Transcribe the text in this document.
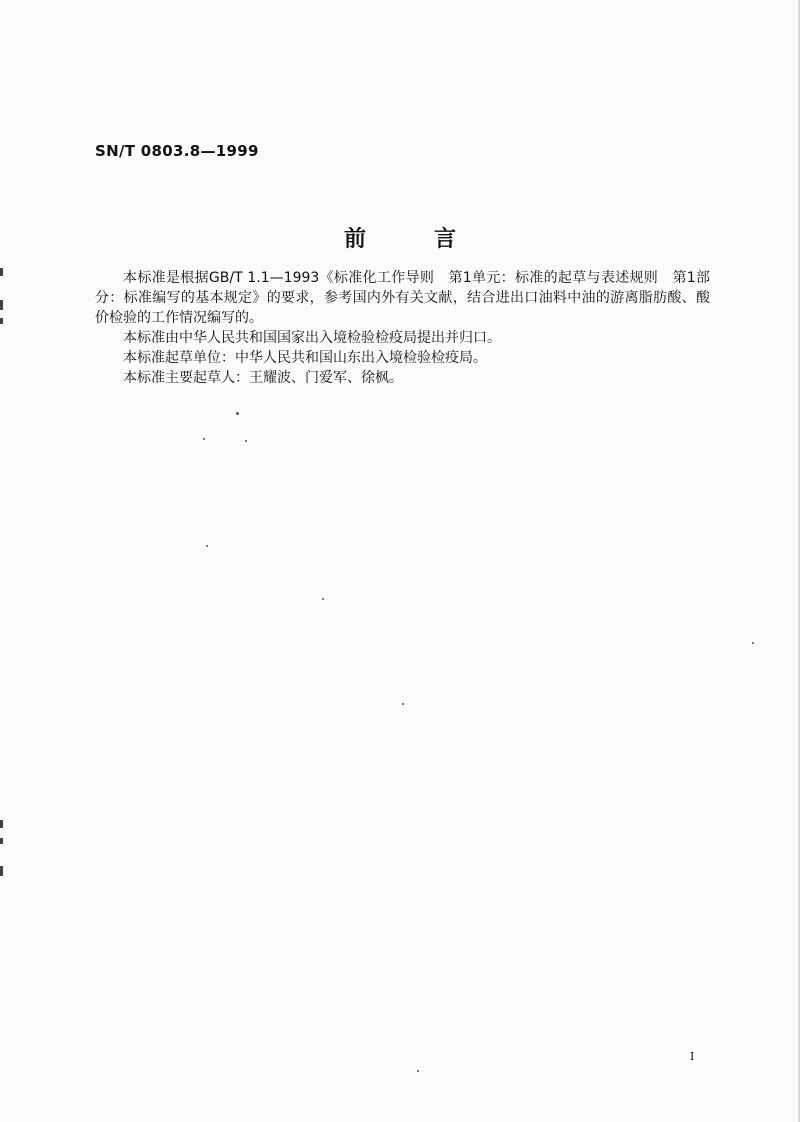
SN/T 0803.8—1999
前言

本标准是根据GB/T 1.1—1993《标准化工作导则　第1单元：标准的起草与表述规则　第1部分：标准编写的基本规定》的要求，参考国内外有关文献，结合进出口油料中油的游离脂肪酸、酸价检验的工作情况编写的。

本标准由中华人民共和国国家出入境检验检疫局提出并归口。

本标准起草单位：中华人民共和国山东出入境检验检疫局。

本标准主要起草人：王耀波、门爱军、徐枫。

I
